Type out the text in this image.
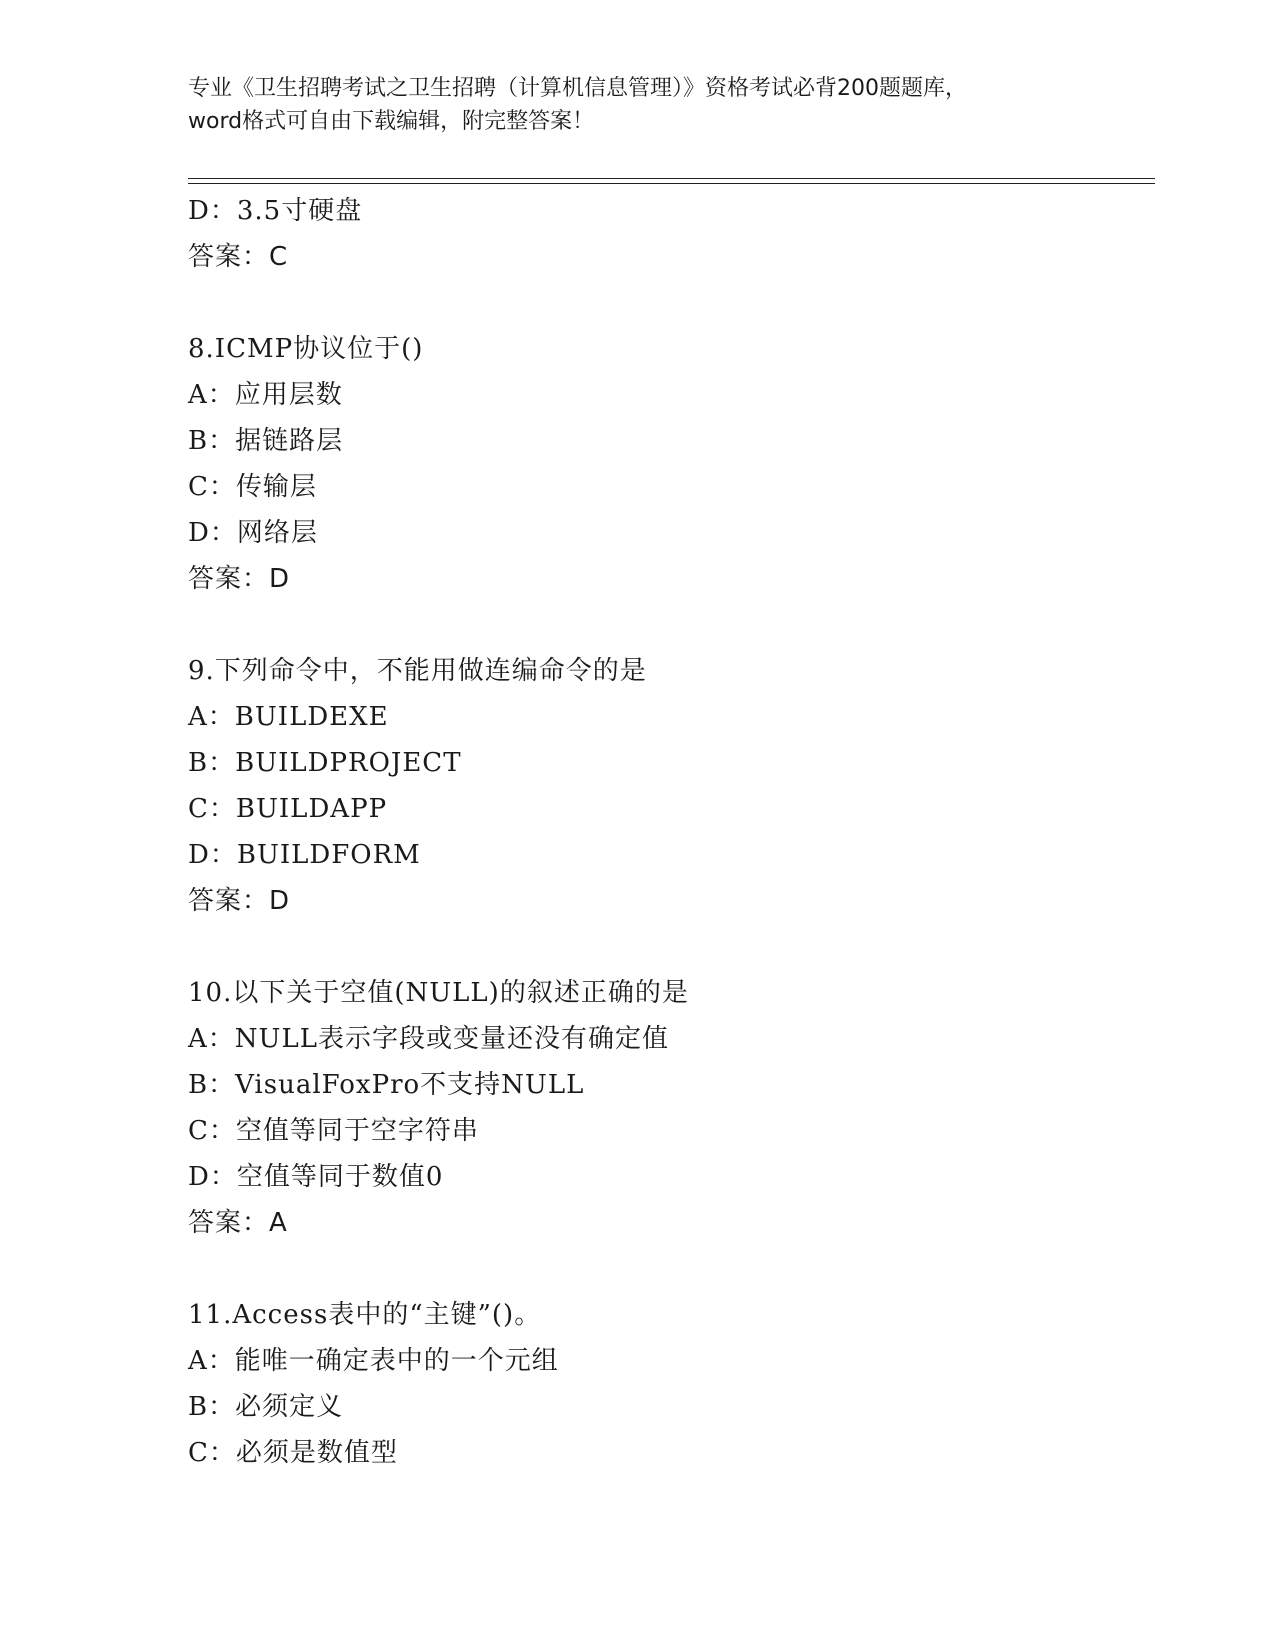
专业《卫生招聘考试之卫生招聘（计算机信息管理）》资格考试必背200题题库，
word格式可自由下载编辑，附完整答案！
D：3.5寸硬盘
答案：C
8.ICMP协议位于()
A：应用层数
B：据链路层
C：传输层
D：网络层
答案：D
9.下列命令中，不能用做连编命令的是
A：BUILDEXE
B：BUILDPROJECT
C：BUILDAPP
D：BUILDFORM
答案：D
10.以下关于空值(NULL)的叙述正确的是
A：NULL表示字段或变量还没有确定值
B：VisualFoxPro不支持NULL
C：空值等同于空字符串
D：空值等同于数值0
答案：A
11.Access表中的“主键”()。
A：能唯一确定表中的一个元组
B：必须定义
C：必须是数值型
